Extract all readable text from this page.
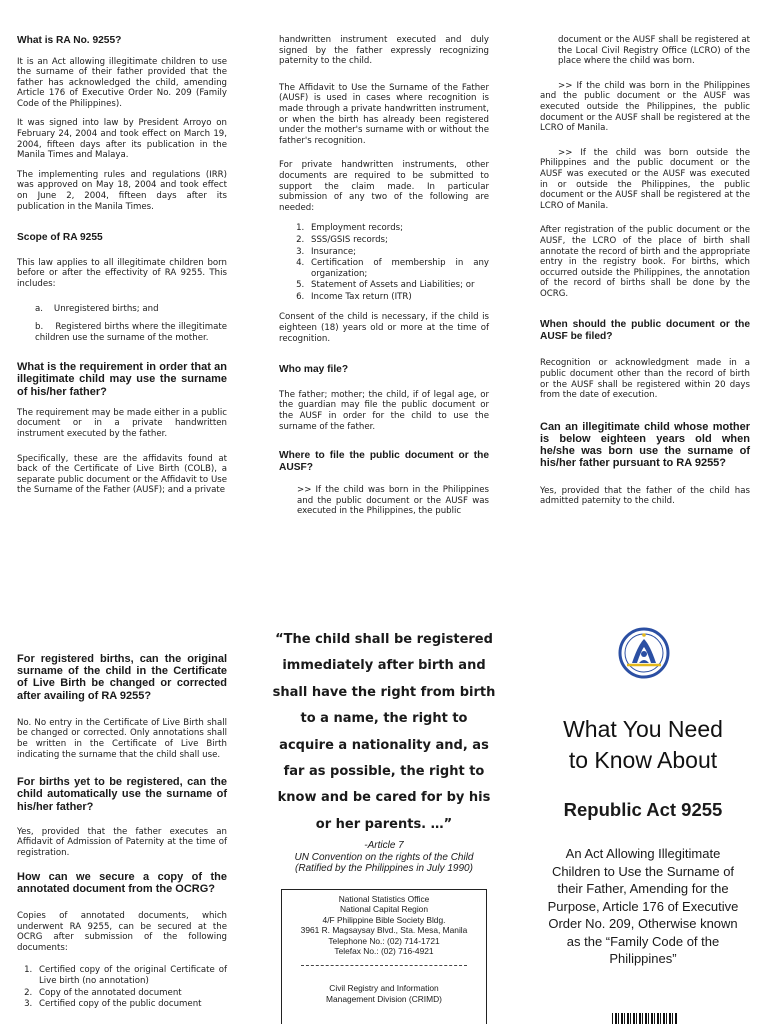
What is RA No. 9255?

It is an Act allowing illegitimate children to use the surname of their father provided that the father has acknowledged the child, amending Article 176 of Executive Order No. 209 (Family Code of the Philippines).

It was signed into law by President Arroyo on February 24, 2004 and took effect on March 19, 2004, fifteen days after its publication in the Manila Times and Malaya.

The implementing rules and regulations (IRR) was approved on May 18, 2004 and took effect on June 2, 2004, fifteen days after its publication in the Manila Times.

Scope of RA 9255

This law applies to all illegitimate children born before or after the effectivity of RA 9255. This includes:

a.    Unregistered births; and

b.    Registered births where the illegitimate children use the surname of the mother.

What is the requirement in order that an illegitimate child may use the surname of his/her father?

The requirement may be made either in a public document or in a private handwritten instrument executed by the father.

Specifically, these are the affidavits found at back of the Certificate of Live Birth (COLB), a separate public document or the Affidavit to Use the Surname of the Father (AUSF); and a private

handwritten instrument executed and duly signed by the father expressly recognizing paternity to the child.

The Affidavit to Use the Surname of the Father (AUSF) is used in cases where recognition is made through a private handwritten instrument, or when the birth has already been registered under the mother's surname with or without the father's recognition.

For private handwritten instruments, other documents are required to be submitted to support the claim made. In particular submission of any two of the following are needed:

1. Employment records;
2. SSS/GSIS records;
3. Insurance;
4. Certification of membership in any organization;
5. Statement of Assets and Liabilities; or
6. Income Tax return (ITR)

Consent of the child is necessary, if the child is eighteen (18) years old or more at the time of recognition.

Who may file?

The father; mother; the child, if of legal age, or the guardian may file the public document or the AUSF in order for the child to use the surname of the father.

Where to file the public document or the AUSF?

>> If the child was born in the Philippines and the public document or the AUSF was executed in the Philippines, the public

document or the AUSF shall be registered at the Local Civil Registry Office (LCRO) of the place where the child was born.

>> If the child was born in the Philippines and the public document or the AUSF was executed outside the Philippines, the public document or the AUSF shall be registered at the LCRO of Manila.

>> If the child was born outside the Philippines and the public document or the AUSF was executed or the AUSF was executed in or outside the Philippines, the public document or the AUSF shall be registered at the LCRO of Manila.

After registration of the public document or the AUSF, the LCRO of the place of birth shall annotate the record of birth and the appropriate entry in the registry book. For births, which occurred outside the Philippines, the annotation of the record of births shall be done by the OCRG.

When should the public document or the AUSF be filed?

Recognition or acknowledgment made in a public document other than the record of birth or the AUSF shall be registered within 20 days from the date of execution.

Can an illegitimate child whose mother is below eighteen years old when he/she was born use the surname of his/her father pursuant to RA 9255?

Yes, provided that the father of the child has admitted paternity to the child.

For registered births, can the original surname of the child in the Certificate of Live Birth be changed or corrected after availing of RA 9255?

No. No entry in the Certificate of Live Birth shall be changed or corrected. Only annotations shall be written in the Certificate of Live Birth indicating the surname that the child shall use.

For births yet to be registered, can the child automatically use the surname of his/her father?

Yes, provided that the father executes an Affidavit of Admission of Paternity at the time of registration.

How can we secure a copy of the annotated document from the OCRG?

Copies of annotated documents, which underwent RA 9255, can be secured at the OCRG after submission of the following documents:

1. Certified copy of the original Certificate of Live birth (no annotation)
2. Copy of the annotated document
3. Certified copy of the public document
“The child shall be registered immediately after birth and shall have the right from birth to a name, the right to acquire a nationality and, as far as possible, the right to know and be cared for by his or her parents. …”
-Article 7
UN Convention on the rights of the Child
(Ratified by the Philippines in July 1990)
National Statistics Office
National Capital Region
4/F Philippine Bible Society Bldg.
3961 R. Magsaysay Blvd., Sta. Mesa, Manila
Telephone No.: (02) 714-1721
Telefax No.: (02) 716-4921
Civil Registry and Information
Management Division (CRIMD)
What You Need
to Know About
Republic Act 9255
An Act Allowing Illegitimate Children to Use the Surname of their Father, Amending for the Purpose, Article 176 of Executive Order No. 209, Otherwise known as the “Family Code of the Philippines”
